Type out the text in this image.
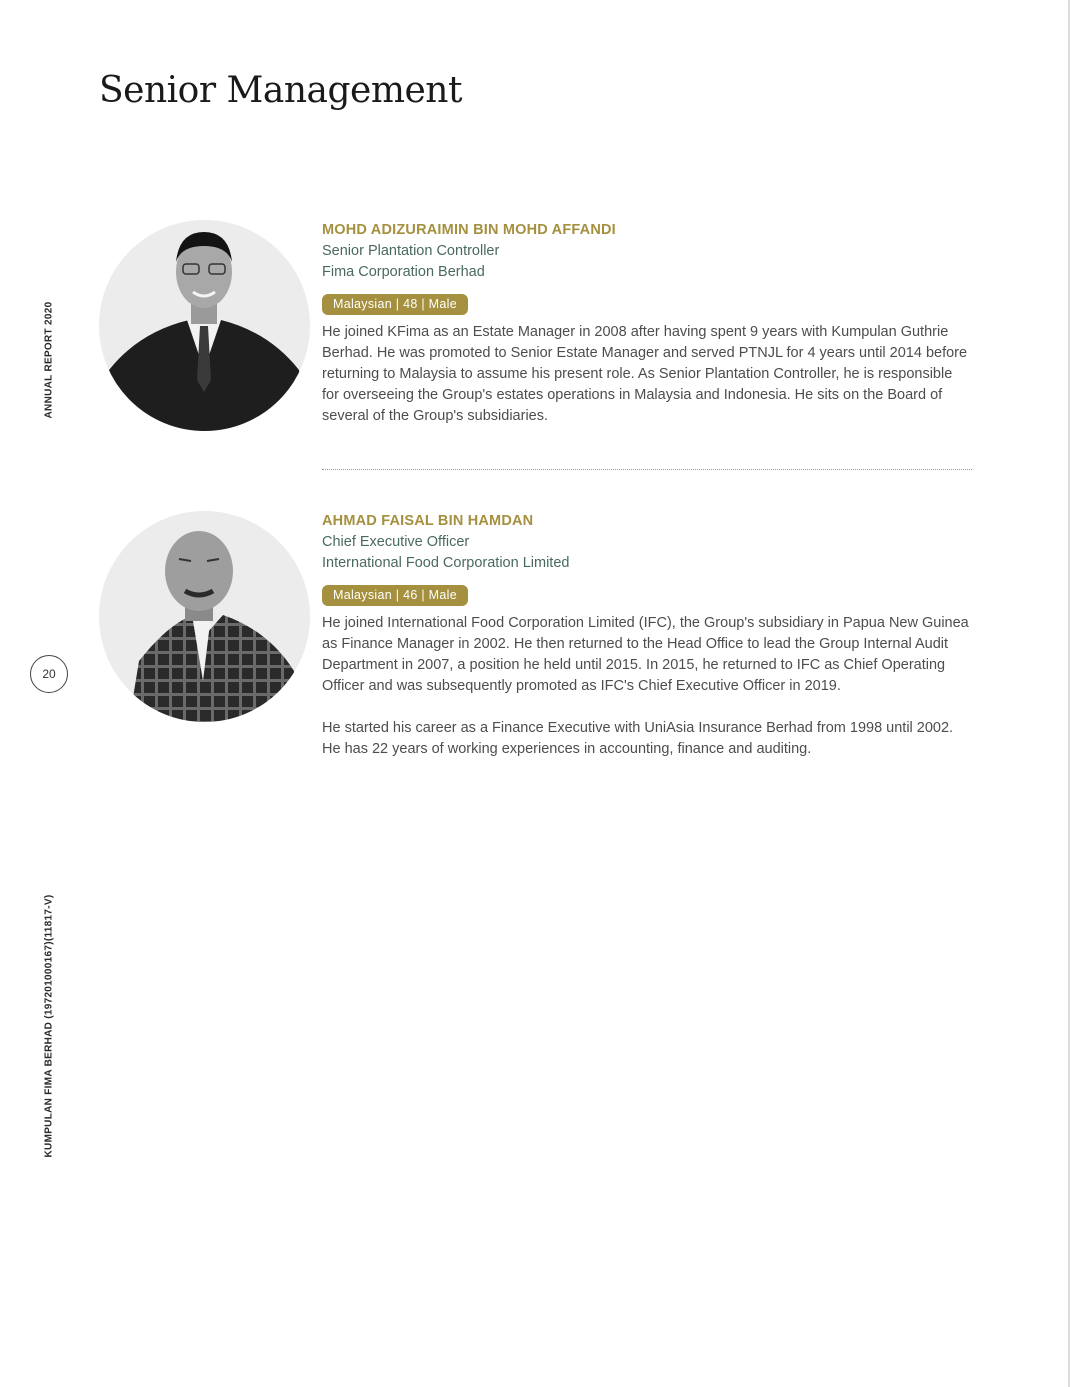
Senior Management
ANNUAL REPORT 2020
20
KUMPULAN FIMA BERHAD (197201000167)(11817-V)
MOHD ADIZURAIMIN BIN MOHD AFFANDI
Senior Plantation Controller
Fima Corporation Berhad
Malaysian | 48 | Male

He joined KFima as an Estate Manager in 2008 after having spent 9 years with Kumpulan Guthrie Berhad. He was promoted to Senior Estate Manager and served PTNJL for 4 years until 2014 before returning to Malaysia to assume his present role. As Senior Plantation Controller, he is responsible for overseeing the Group's estates operations in Malaysia and Indonesia. He sits on the Board of several of the Group's subsidiaries.

AHMAD FAISAL BIN HAMDAN
Chief Executive Officer
International Food Corporation Limited
Malaysian | 46 | Male

He joined International Food Corporation Limited (IFC), the Group's subsidiary in Papua New Guinea as Finance Manager in 2002. He then returned to the Head Office to lead the Group Internal Audit Department in 2007, a position he held until 2015. In 2015, he returned to IFC as Chief Operating Officer and was subsequently promoted as IFC's Chief Executive Officer in 2019.

He started his career as a Finance Executive with UniAsia Insurance Berhad from 1998 until 2002. He has 22 years of working experiences in accounting, finance and auditing.
